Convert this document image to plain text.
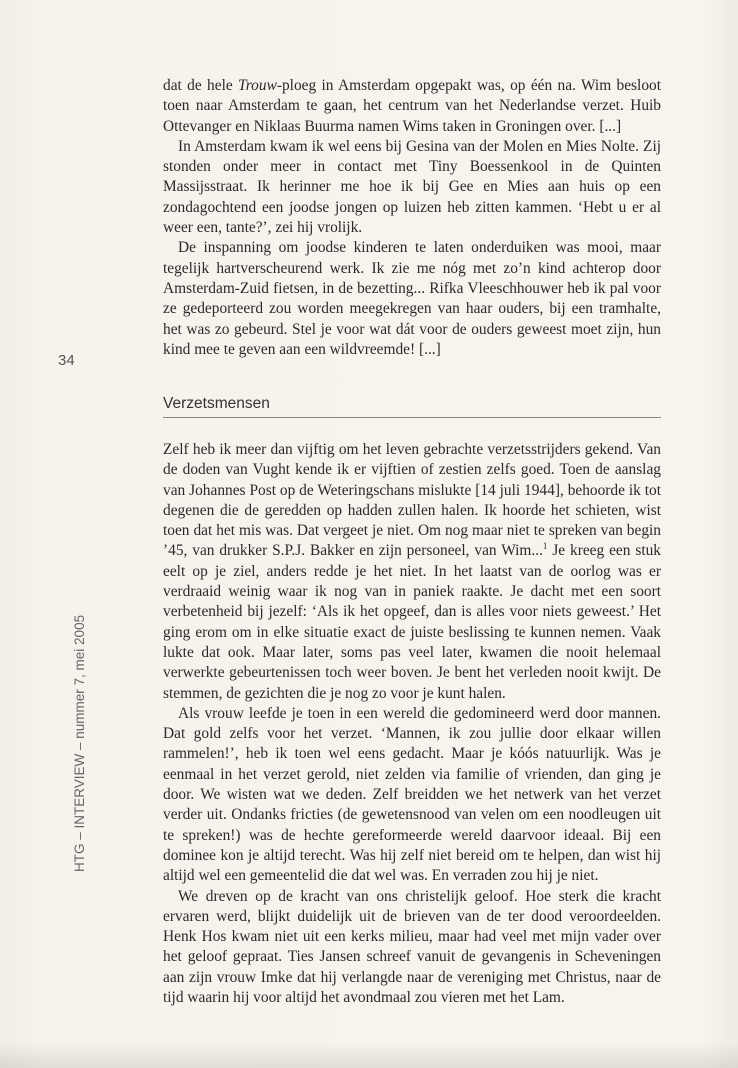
dat de hele Trouw-ploeg in Amsterdam opgepakt was, op één na. Wim besloot toen naar Amsterdam te gaan, het centrum van het Nederlandse verzet. Huib Ottevanger en Niklaas Buurma namen Wims taken in Groningen over. [...]

In Amsterdam kwam ik wel eens bij Gesina van der Molen en Mies Nolte. Zij stonden onder meer in contact met Tiny Boessenkool in de Quinten Massijsstraat. Ik herinner me hoe ik bij Gee en Mies aan huis op een zondagochtend een joodse jongen op luizen heb zitten kammen. ‘Hebt u er al weer een, tante?’, zei hij vrolijk.

De inspanning om joodse kinderen te laten onderduiken was mooi, maar tegelijk hartverscheurend werk. Ik zie me nóg met zo’n kind achterop door Amsterdam-Zuid fietsen, in de bezetting... Rifka Vleeschhouwer heb ik pal voor ze gedeporteerd zou worden meegekregen van haar ouders, bij een tramhalte, het was zo gebeurd. Stel je voor wat dát voor de ouders geweest moet zijn, hun kind mee te geven aan een wildvreemde! [...]

34
Verzetsmensen

Zelf heb ik meer dan vijftig om het leven gebrachte verzetsstrijders gekend. Van de doden van Vught kende ik er vijftien of zestien zelfs goed. Toen de aanslag van Johannes Post op de Weteringschans mislukte [14 juli 1944], behoorde ik tot degenen die de geredden op hadden zullen halen. Ik hoorde het schieten, wist toen dat het mis was. Dat vergeet je niet. Om nog maar niet te spreken van begin ’45, van drukker S.P.J. Bakker en zijn personeel, van Wim...$^1$ Je kreeg een stuk eelt op je ziel, anders redde je het niet. In het laatst van de oorlog was er verdraaid weinig waar ik nog van in paniek raakte. Je dacht met een soort verbetenheid bij jezelf: ‘Als ik het opgeef, dan is alles voor niets geweest.’ Het ging erom om in elke situatie exact de juiste beslissing te kunnen nemen. Vaak lukte dat ook. Maar later, soms pas veel later, kwamen die nooit helemaal verwerkte gebeurtenissen toch weer boven. Je bent het verleden nooit kwijt. De stemmen, de gezichten die je nog zo voor je kunt halen.

Als vrouw leefde je toen in een wereld die gedomineerd werd door mannen. Dat gold zelfs voor het verzet. ‘Mannen, ik zou jullie door elkaar willen rammelen!’, heb ik toen wel eens gedacht. Maar je kóós natuurlijk. Was je eenmaal in het verzet gerold, niet zelden via familie of vrienden, dan ging je door. We wisten wat we deden. Zelf breidden we het netwerk van het verzet verder uit. Ondanks fricties (de gewetensnood van velen om een noodleugen uit te spreken!) was de hechte gereformeerde wereld daarvoor ideaal. Bij een dominee kon je altijd terecht. Was hij zelf niet bereid om te helpen, dan wist hij altijd wel een gemeentelid die dat wel was. En verraden zou hij je niet.

We dreven op de kracht van ons christelijk geloof. Hoe sterk die kracht ervaren werd, blijkt duidelijk uit de brieven van de ter dood veroordeelden. Henk Hos kwam niet uit een kerks milieu, maar had veel met mijn vader over het geloof gepraat. Ties Jansen schreef vanuit de gevangenis in Scheveningen aan zijn vrouw Imke dat hij verlangde naar de vereniging met Christus, naar de tijd waarin hij voor altijd het avondmaal zou vieren met het Lam.

HTG – INTERVIEW – nummer 7, mei 2005
